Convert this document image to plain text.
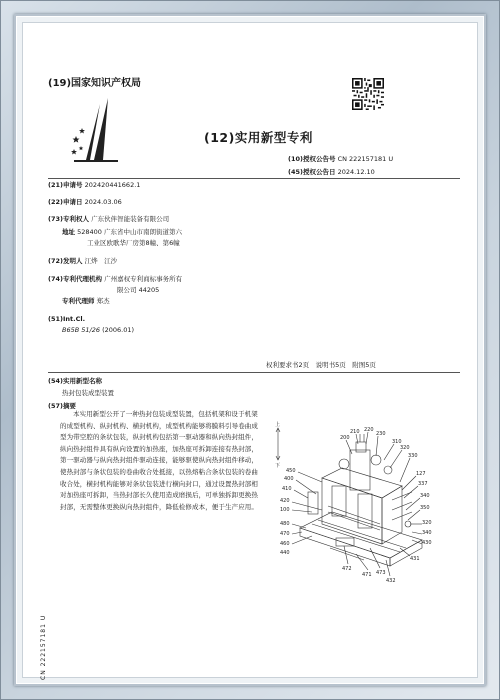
(19)国家知识产权局
(12)实用新型专利
(10)授权公告号 CN 222157181 U
(45)授权公告日 2024.12.10
(21)申请号 202420441662.1
(22)申请日 2024.03.06
(73)专利权人 广东伙伴智能装备有限公司
地址 528400 广东省中山市南朗街道第六
工业区欧歌华厂房第8幢、第6幢
(72)发明人 江烨　江沙
(74)专利代理机构 广州嘉权专利商标事务所有
限公司 44205
专利代理师 郑杰
(51)Int.Cl.
B65B 51/26 (2006.01)
权利要求书2页　说明书5页　附图5页
(54)实用新型名称
热封包装成型装置
(57)摘要
本实用新型公开了一种热封包装成型装置，包括机架和设于机架的成型机构、纵封机构、横封机构，成型机构能够将膜料引导卷曲成型为带空腔的条状包装，纵封机构包括第一驱动器和纵向热封组件，纵向热封组件具有纵向设置的加热座，加热座可拆卸连接有热封部，第一驱动器与纵向热封组件驱动连接，能够驱使纵向热封组件移动，使热封部与条状包装的卷曲收合处抵接，以热熔粘合条状包装的卷曲收合处，横封机构能够对条状包装进行横向封口，通过设置热封部相对加热座可拆卸，当热封部长久使用造成磨损后，可单独拆卸更换热封部，无需整体更换纵向热封组件，降低检修成本，便于生产应用。
上
下
200
210 220
230
310
320
330
450
400
410
420
100
480
470
460
440
127
337
340
350
320
340
430
431
472
471 473
432
CN 222157181 U
